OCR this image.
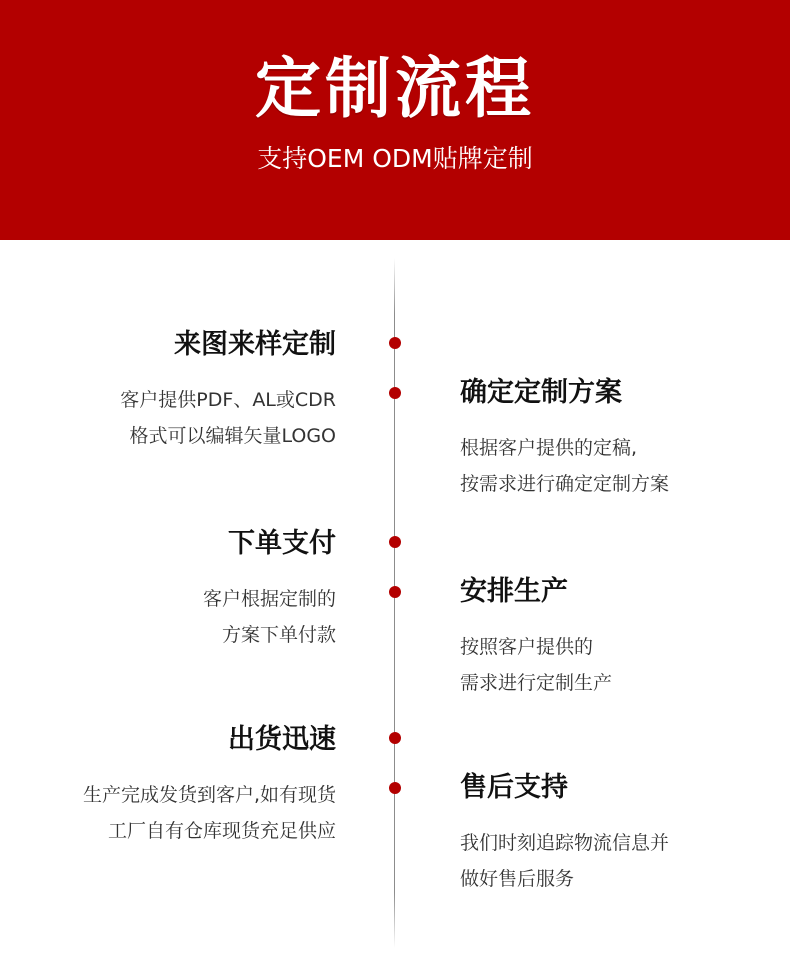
定制流程
支持OEM ODM贴牌定制
来图来样定制
客户提供PDF、AL或CDR
格式可以编辑矢量LOGO
确定定制方案
根据客户提供的定稿,
按需求进行确定定制方案
下单支付
客户根据定制的
方案下单付款
安排生产
按照客户提供的
需求进行定制生产
出货迅速
生产完成发货到客户,如有现货
工厂自有仓库现货充足供应
售后支持
我们时刻追踪物流信息并
做好售后服务
